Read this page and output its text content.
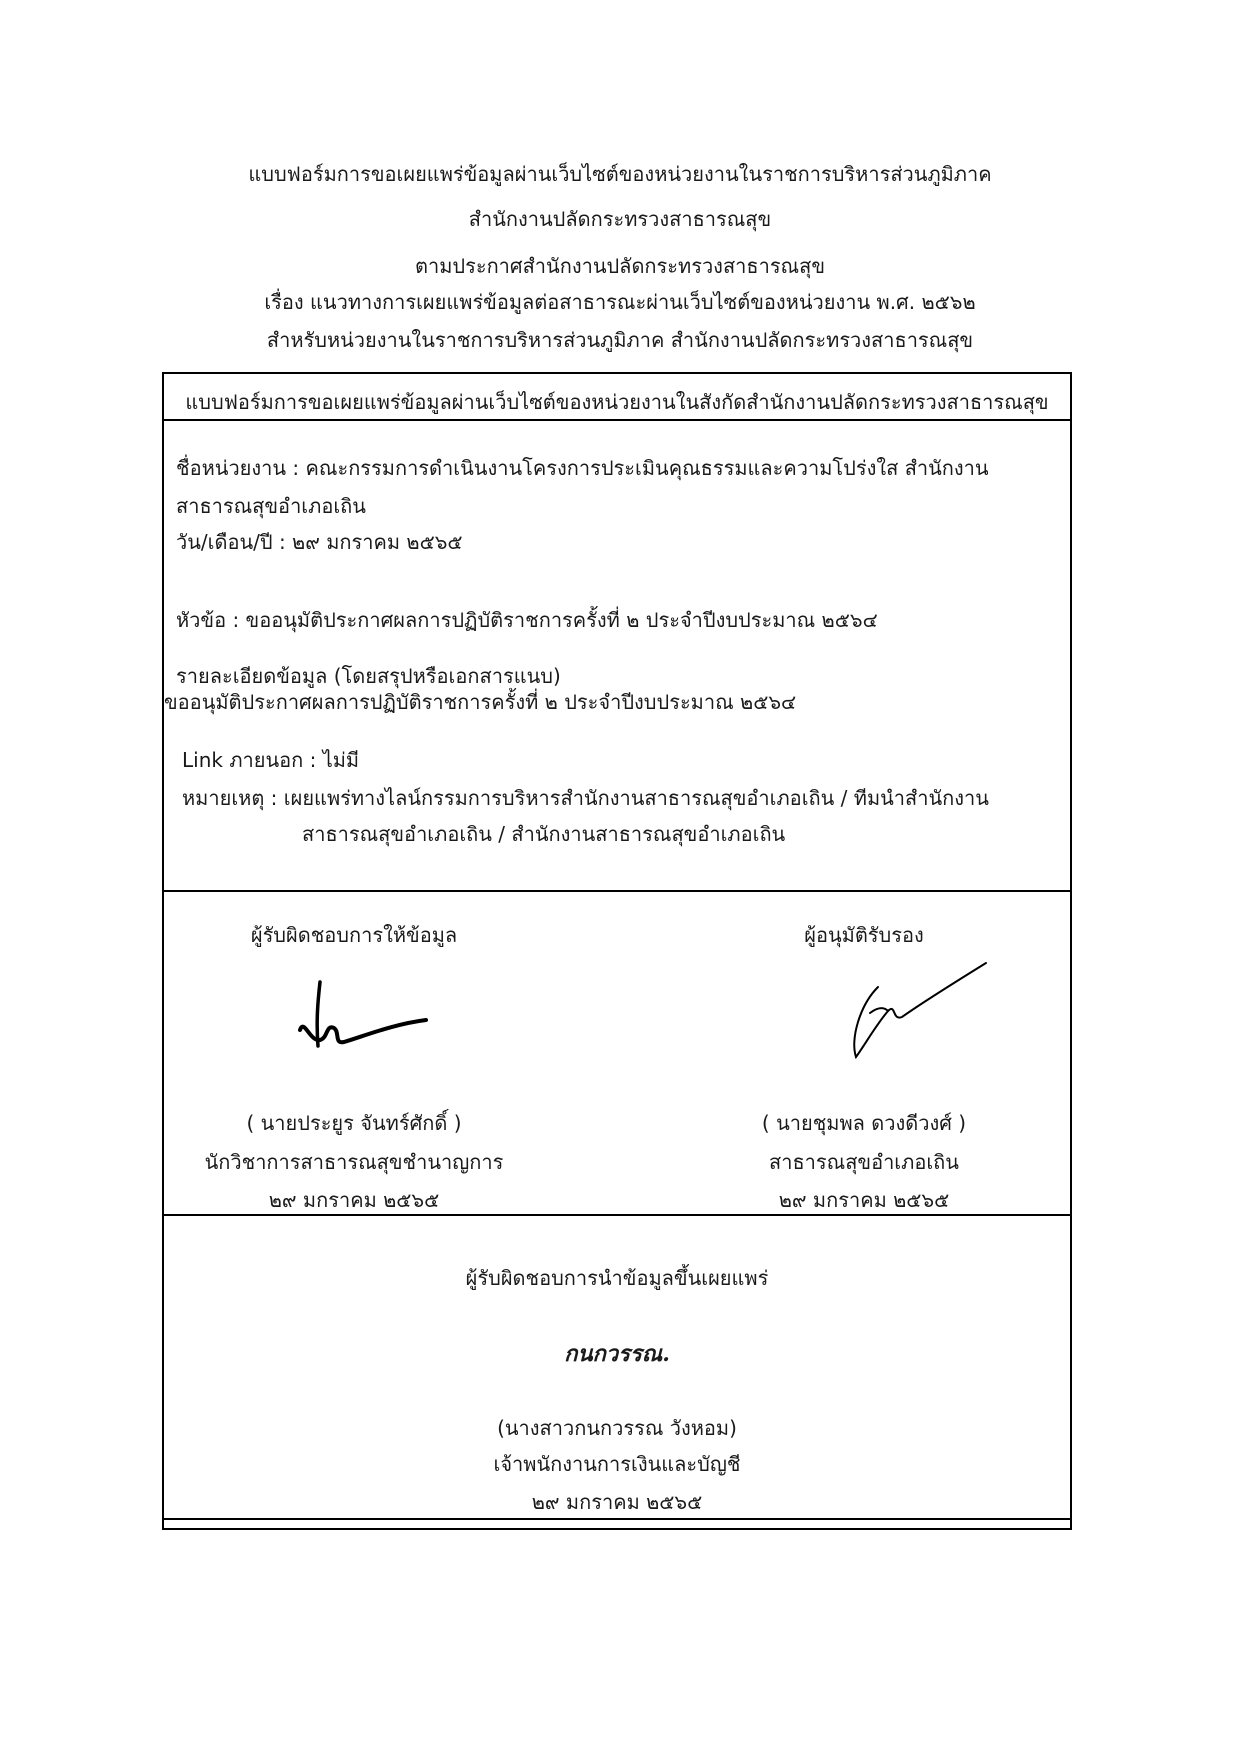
แบบฟอร์มการขอเผยแพร่ข้อมูลผ่านเว็บไซต์ของหน่วยงานในราชการบริหารส่วนภูมิภาค
สำนักงานปลัดกระทรวงสาธารณสุข
ตามประกาศสำนักงานปลัดกระทรวงสาธารณสุข
เรื่อง แนวทางการเผยแพร่ข้อมูลต่อสาธารณะผ่านเว็บไซต์ของหน่วยงาน พ.ศ. ๒๕๖๒
สำหรับหน่วยงานในราชการบริหารส่วนภูมิภาค สำนักงานปลัดกระทรวงสาธารณสุข
แบบฟอร์มการขอเผยแพร่ข้อมูลผ่านเว็บไซต์ของหน่วยงานในสังกัดสำนักงานปลัดกระทรวงสาธารณสุข
ชื่อหน่วยงาน : คณะกรรมการดำเนินงานโครงการประเมินคุณธรรมและความโปร่งใส สำนักงาน
สาธารณสุขอำเภอเถิน
วัน/เดือน/ปี : ๒๙ มกราคม ๒๕๖๕
หัวข้อ : ขออนุมัติประกาศผลการปฏิบัติราชการครั้งที่ ๒ ประจำปีงบประมาณ ๒๕๖๔
รายละเอียดข้อมูล (โดยสรุปหรือเอกสารแนบ)
ขออนุมัติประกาศผลการปฏิบัติราชการครั้งที่ ๒ ประจำปีงบประมาณ ๒๕๖๔
Link ภายนอก : ไม่มี
หมายเหตุ : เผยแพร่ทางไลน์กรรมการบริหารสำนักงานสาธารณสุขอำเภอเถิน / ทีมนำสำนักงาน
สาธารณสุขอำเภอเถิน / สำนักงานสาธารณสุขอำเภอเถิน
ผู้รับผิดชอบการให้ข้อมูล
( นายประยูร จันทร์ศักดิ์ )
นักวิชาการสาธารณสุขชำนาญการ
๒๙ มกราคม ๒๕๖๕
ผู้อนุมัติรับรอง
( นายชุมพล ดวงดีวงศ์ )
สาธารณสุขอำเภอเถิน
๒๙ มกราคม ๒๕๖๕
ผู้รับผิดชอบการนำข้อมูลขึ้นเผยแพร่
กนกวรรณ.
(นางสาวกนกวรรณ วังหอม)
เจ้าพนักงานการเงินและบัญชี
๒๙ มกราคม ๒๕๖๕
